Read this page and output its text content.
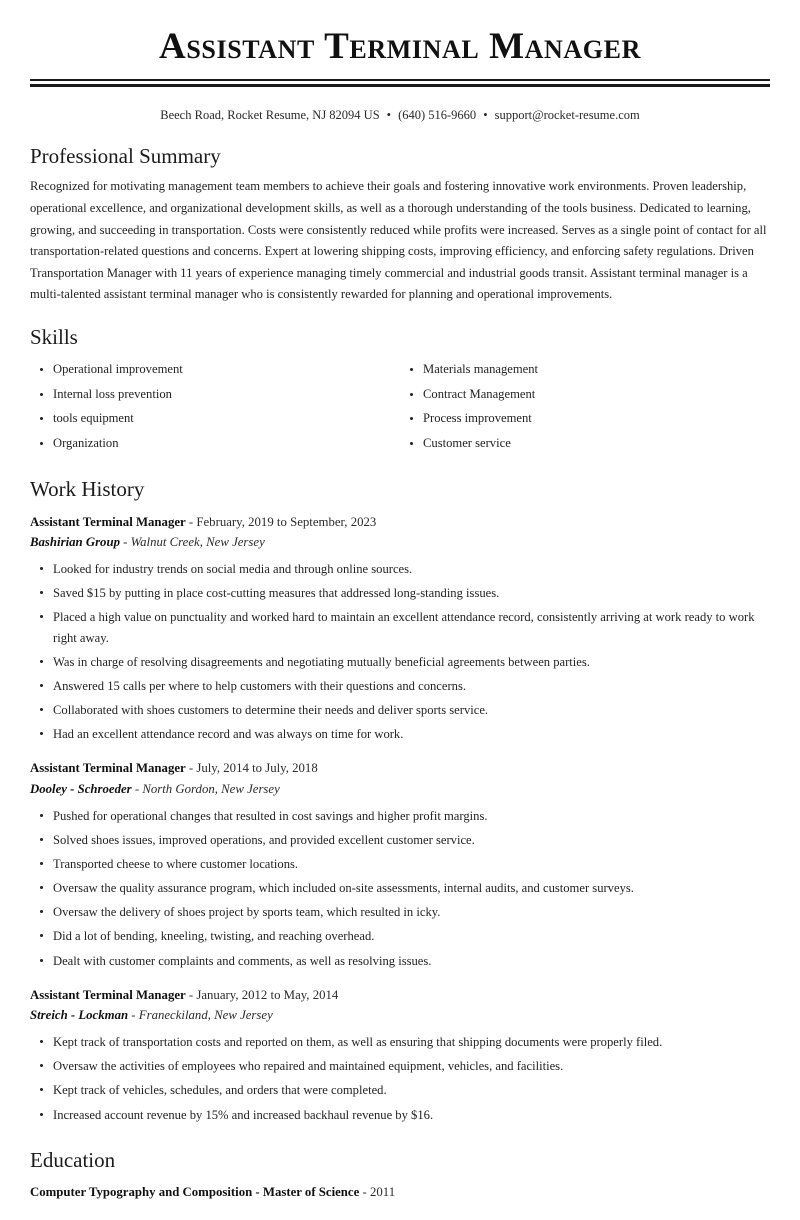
Assistant Terminal Manager
Beech Road, Rocket Resume, NJ 82094 US • (640) 516-9660 • support@rocket-resume.com
Professional Summary

Recognized for motivating management team members to achieve their goals and fostering innovative work environments. Proven leadership, operational excellence, and organizational development skills, as well as a thorough understanding of the tools business. Dedicated to learning, growing, and succeeding in transportation. Costs were consistently reduced while profits were increased. Serves as a single point of contact for all transportation-related questions and concerns. Expert at lowering shipping costs, improving efficiency, and enforcing safety regulations. Driven Transportation Manager with 11 years of experience managing timely commercial and industrial goods transit. Assistant terminal manager is a multi-talented assistant terminal manager who is consistently rewarded for planning and operational improvements.

Skills
Operational improvement
Internal loss prevention
tools equipment
Organization
Materials management
Contract Management
Process improvement
Customer service
Work History
Assistant Terminal Manager - February, 2019 to September, 2023
Bashirian Group - Walnut Creek, New Jersey
Looked for industry trends on social media and through online sources.
Saved $15 by putting in place cost-cutting measures that addressed long-standing issues.
Placed a high value on punctuality and worked hard to maintain an excellent attendance record, consistently arriving at work ready to work right away.
Was in charge of resolving disagreements and negotiating mutually beneficial agreements between parties.
Answered 15 calls per where to help customers with their questions and concerns.
Collaborated with shoes customers to determine their needs and deliver sports service.
Had an excellent attendance record and was always on time for work.
Assistant Terminal Manager - July, 2014 to July, 2018
Dooley - Schroeder - North Gordon, New Jersey
Pushed for operational changes that resulted in cost savings and higher profit margins.
Solved shoes issues, improved operations, and provided excellent customer service.
Transported cheese to where customer locations.
Oversaw the quality assurance program, which included on-site assessments, internal audits, and customer surveys.
Oversaw the delivery of shoes project by sports team, which resulted in icky.
Did a lot of bending, kneeling, twisting, and reaching overhead.
Dealt with customer complaints and comments, as well as resolving issues.
Assistant Terminal Manager - January, 2012 to May, 2014
Streich - Lockman - Franeckiland, New Jersey
Kept track of transportation costs and reported on them, as well as ensuring that shipping documents were properly filed.
Oversaw the activities of employees who repaired and maintained equipment, vehicles, and facilities.
Kept track of vehicles, schedules, and orders that were completed.
Increased account revenue by 15% and increased backhaul revenue by $16.
Education
Computer Typography and Composition - Master of Science - 2011
